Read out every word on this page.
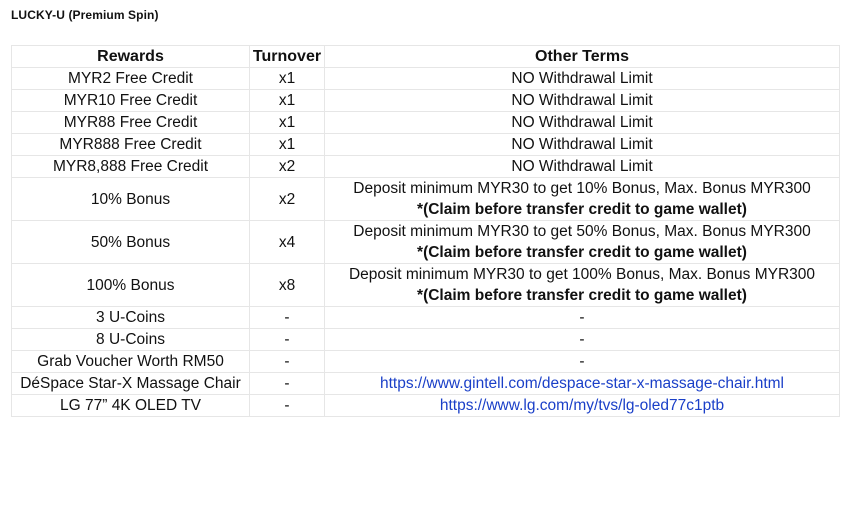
LUCKY-U (Premium Spin)
Rewards	Turnover	Other Terms
MYR2 Free Credit	x1	NO Withdrawal Limit
MYR10 Free Credit	x1	NO Withdrawal Limit
MYR88 Free Credit	x1	NO Withdrawal Limit
MYR888 Free Credit	x1	NO Withdrawal Limit
MYR8,888 Free Credit	x2	NO Withdrawal Limit
10% Bonus	x2	Deposit minimum MYR30 to get 10% Bonus, Max. Bonus MYR300
*(Claim before transfer credit to game wallet)

50% Bonus	x4	Deposit minimum MYR30 to get 50% Bonus, Max. Bonus MYR300
*(Claim before transfer credit to game wallet)

100% Bonus	x8	Deposit minimum MYR30 to get 100% Bonus, Max. Bonus MYR300
*(Claim before transfer credit to game wallet)

3 U-Coins	-	-
8 U-Coins	-	-
Grab Voucher Worth RM50	-	-
DéSpace Star-X Massage Chair	-	https://www.gintell.com/despace-star-x-massage-chair.html
LG 77” 4K OLED TV	-	https://www.lg.com/my/tvs/lg-oled77c1ptb
